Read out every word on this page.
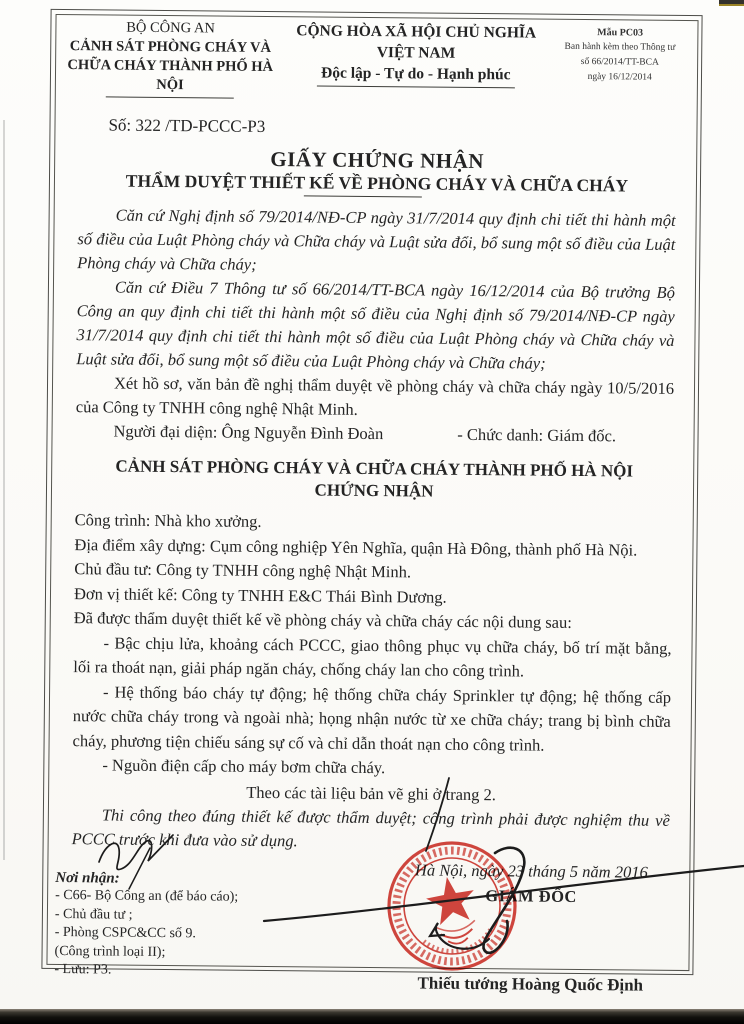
BỘ CÔNG AN
CẢNH SÁT PHÒNG CHÁY VÀ
CHỮA CHÁY THÀNH PHỐ HÀ NỘI
CỘNG HÒA XÃ HỘI CHỦ NGHĨA VIỆT NAM
Độc lập - Tự do - Hạnh phúc
Mẫu PC03
Ban hành kèm theo Thông tư
số 66/2014/TT-BCA
ngày 16/12/2014
Số: 322 /TD-PCCC-P3
GIẤY CHỨNG NHẬN
THẨM DUYỆT THIẾT KẾ VỀ PHÒNG CHÁY VÀ CHỮA CHÁY

Căn cứ Nghị định số 79/2014/NĐ-CP ngày 31/7/2014 quy định chi tiết thi hành một số điều của Luật Phòng cháy và Chữa cháy và Luật sửa đổi, bổ sung một số điều của Luật Phòng cháy và Chữa cháy;

Căn cứ Điều 7 Thông tư số 66/2014/TT-BCA ngày 16/12/2014 của Bộ trưởng Bộ Công an quy định chi tiết thi hành một số điều của Nghị định số 79/2014/NĐ-CP ngày 31/7/2014 quy định chi tiết thi hành một số điều của Luật Phòng cháy và Chữa cháy và Luật sửa đổi, bổ sung một số điều của Luật Phòng cháy và Chữa cháy;

Xét hồ sơ, văn bản đề nghị thẩm duyệt về phòng cháy và chữa cháy ngày 10/5/2016 của Công ty TNHH công nghệ Nhật Minh.

Người đại diện: Ông Nguyễn Đình Đoàn	- Chức danh: Giám đốc.
CẢNH SÁT PHÒNG CHÁY VÀ CHỮA CHÁY THÀNH PHỐ HÀ NỘI
CHỨNG NHẬN
Công trình: Nhà kho xưởng.
Địa điểm xây dựng: Cụm công nghiệp Yên Nghĩa, quận Hà Đông, thành phố Hà Nội.
Chủ đầu tư: Công ty TNHH công nghệ Nhật Minh.
Đơn vị thiết kế: Công ty TNHH E&C Thái Bình Dương.
Đã được thẩm duyệt thiết kế về phòng cháy và chữa cháy các nội dung sau:
- Bậc chịu lửa, khoảng cách PCCC, giao thông phục vụ chữa cháy, bố trí mặt bằng, lối ra thoát nạn, giải pháp ngăn cháy, chống cháy lan cho công trình.
- Hệ thống báo cháy tự động; hệ thống chữa cháy Sprinkler tự động; hệ thống cấp nước chữa cháy trong và ngoài nhà; họng nhận nước từ xe chữa cháy; trang bị bình chữa cháy, phương tiện chiếu sáng sự cố và chỉ dẫn thoát nạn cho công trình.
- Nguồn điện cấp cho máy bơm chữa cháy.
Theo các tài liệu bản vẽ ghi ở trang 2.
Thi công theo đúng thiết kế được thẩm duyệt; công trình phải được nghiệm thu về PCCC trước khi đưa vào sử dụng.
Nơi nhận:
- C66- Bộ Công an (để báo cáo);
- Chủ đầu tư ;
- Phòng CSPC&CC số 9.
(Công trình loại II);
- Lưu: P3.
Hà Nội, ngày 23 tháng 5 năm 2016
GIÁM ĐỐC
Thiếu tướng Hoàng Quốc Định
